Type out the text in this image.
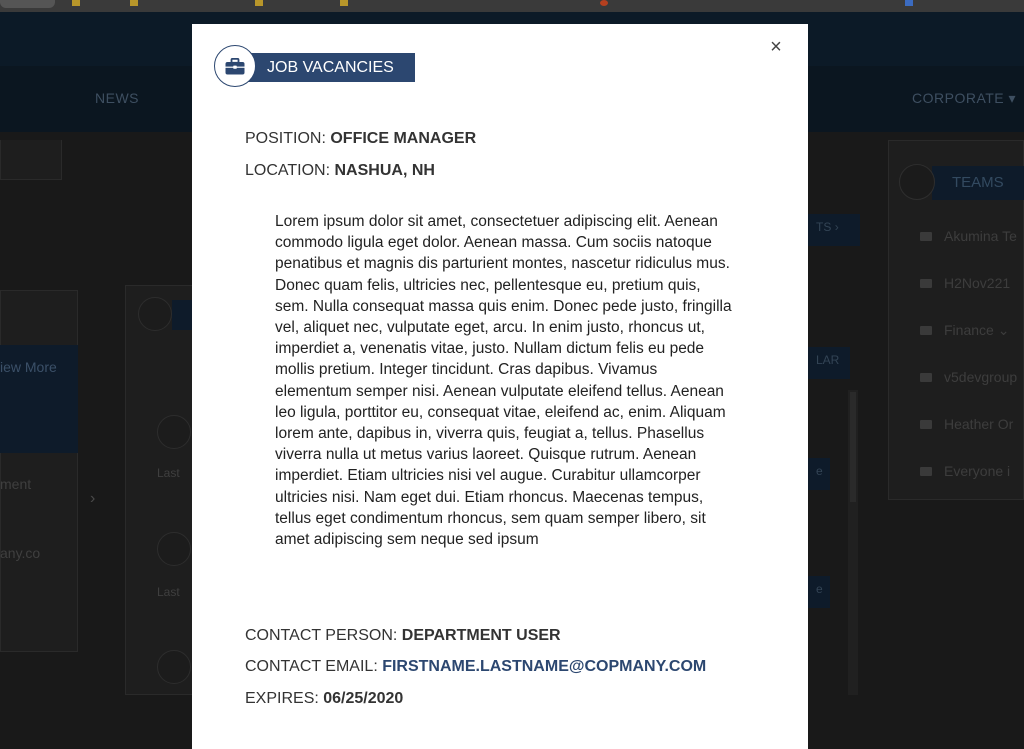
NEWS	CORPORATE ▾
iew More
ment
any.co
›
Last
Last
TS ›
LAR
e
e
TEAMS
Akumina Te
H2Nov221
Finance ⌄
v5devgroup
Heather Or
Everyone i
×
JOB VACANCIES
POSITION: OFFICE MANAGER
LOCATION: NASHUA, NH
Lorem ipsum dolor sit amet, consectetuer adipiscing elit. Aenean commodo ligula eget dolor. Aenean massa. Cum sociis natoque penatibus et magnis dis parturient montes, nascetur ridiculus mus. Donec quam felis, ultricies nec, pellentesque eu, pretium quis, sem. Nulla consequat massa quis enim. Donec pede justo, fringilla vel, aliquet nec, vulputate eget, arcu. In enim justo, rhoncus ut, imperdiet a, venenatis vitae, justo. Nullam dictum felis eu pede mollis pretium. Integer tincidunt. Cras dapibus. Vivamus elementum semper nisi. Aenean vulputate eleifend tellus. Aenean leo ligula, porttitor eu, consequat vitae, eleifend ac, enim. Aliquam lorem ante, dapibus in, viverra quis, feugiat a, tellus. Phasellus viverra nulla ut metus varius laoreet. Quisque rutrum. Aenean imperdiet. Etiam ultricies nisi vel augue. Curabitur ullamcorper ultricies nisi. Nam eget dui. Etiam rhoncus. Maecenas tempus, tellus eget condimentum rhoncus, sem quam semper libero, sit amet adipiscing sem neque sed ipsum
CONTACT PERSON: DEPARTMENT USER
CONTACT EMAIL: FIRSTNAME.LASTNAME@COPMANY.COM
EXPIRES: 06/25/2020
